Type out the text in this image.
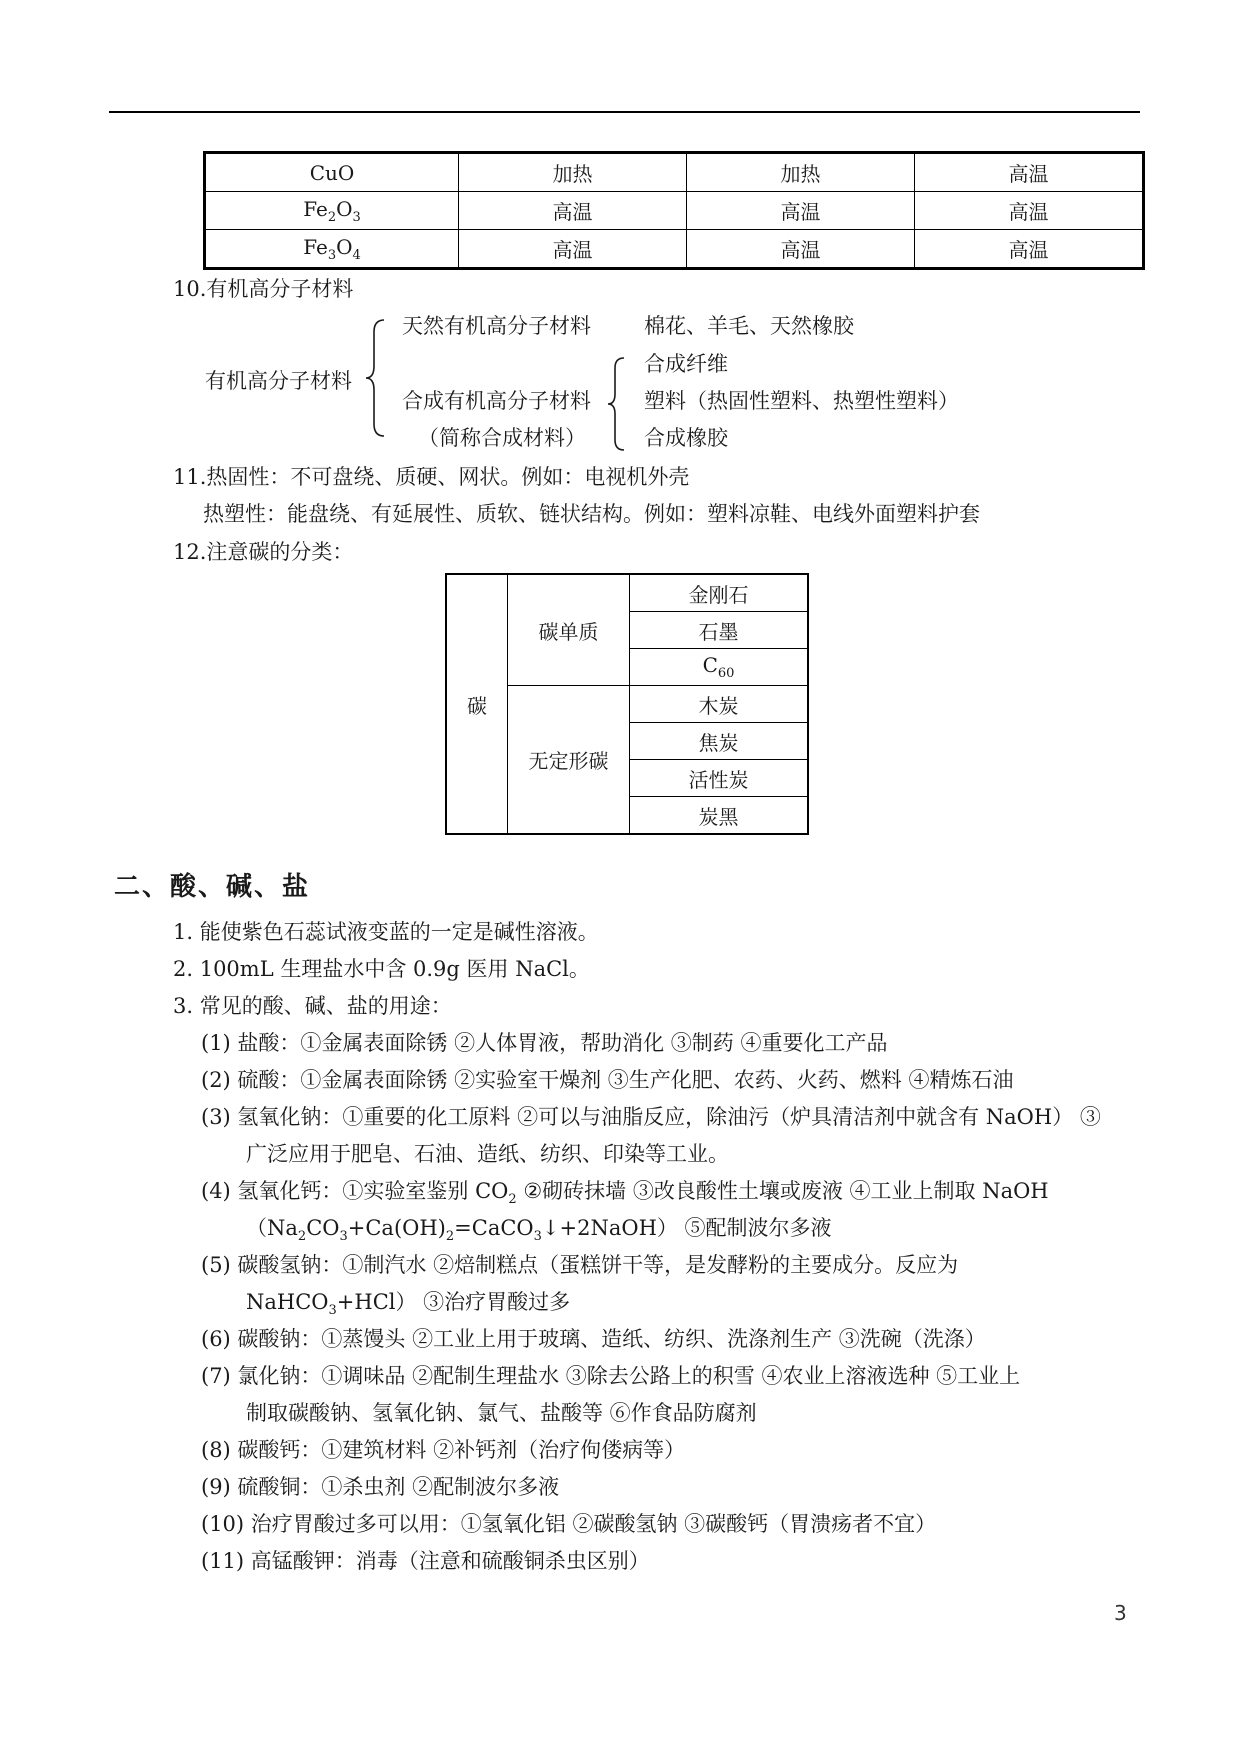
CuO	加热	加热	高温
$Fe_2O_3$	高温	高温	高温
$Fe_3O_4$	高温	高温	高温
10.有机高分子材料
有机高分子材料
天然有机高分子材料	棉花、羊毛、天然橡胶
合成有机高分子材料
（简称合成材料）
合成纤维
塑料（热固性塑料、热塑性塑料）
合成橡胶
11.热固性：不可盘绕、质硬、网状。例如：电视机外壳
热塑性：能盘绕、有延展性、质软、链状结构。例如：塑料凉鞋、电线外面塑料护套
12.注意碳的分类：
碳	碳单质	金刚石
		石墨
		$C_{60}$
	无定形碳	木炭
		焦炭
		活性炭
		炭黑
二、酸、碱、盐
1. 能使紫色石蕊试液变蓝的一定是碱性溶液。
2. 100mL 生理盐水中含 0.9g 医用 NaCl。
3. 常见的酸、碱、盐的用途：
(1) 盐酸：①金属表面除锈 ②人体胃液，帮助消化 ③制药 ④重要化工产品
(2) 硫酸：①金属表面除锈 ②实验室干燥剂 ③生产化肥、农药、火药、燃料 ④精炼石油
(3) 氢氧化钠：①重要的化工原料 ②可以与油脂反应，除油污（炉具清洁剂中就含有 NaOH） ③
广泛应用于肥皂、石油、造纸、纺织、印染等工业。
(4) 氢氧化钙：①实验室鉴别 $CO_2$ ②砌砖抹墙 ③改良酸性土壤或废液 ④工业上制取 NaOH
$(Na_2CO_3+Ca(OH)_2=CaCO_3↓+2NaOH)$ ⑤配制波尔多液
(5) 碳酸氢钠：①制汽水 ②焙制糕点（蛋糕饼干等，是发酵粉的主要成分。反应为
NaHCO$_3$+HCl） ③治疗胃酸过多
(6) 碳酸钠：①蒸馒头 ②工业上用于玻璃、造纸、纺织、洗涤剂生产 ③洗碗（洗涤）
(7) 氯化钠：①调味品 ②配制生理盐水 ③除去公路上的积雪 ④农业上溶液选种 ⑤工业上
制取碳酸钠、氢氧化钠、氯气、盐酸等 ⑥作食品防腐剂
(8) 碳酸钙：①建筑材料 ②补钙剂（治疗佝偻病等）
(9) 硫酸铜：①杀虫剂 ②配制波尔多液
(10) 治疗胃酸过多可以用：①氢氧化铝 ②碳酸氢钠 ③碳酸钙（胃溃疡者不宜）
(11) 高锰酸钾：消毒（注意和硫酸铜杀虫区别）
3
